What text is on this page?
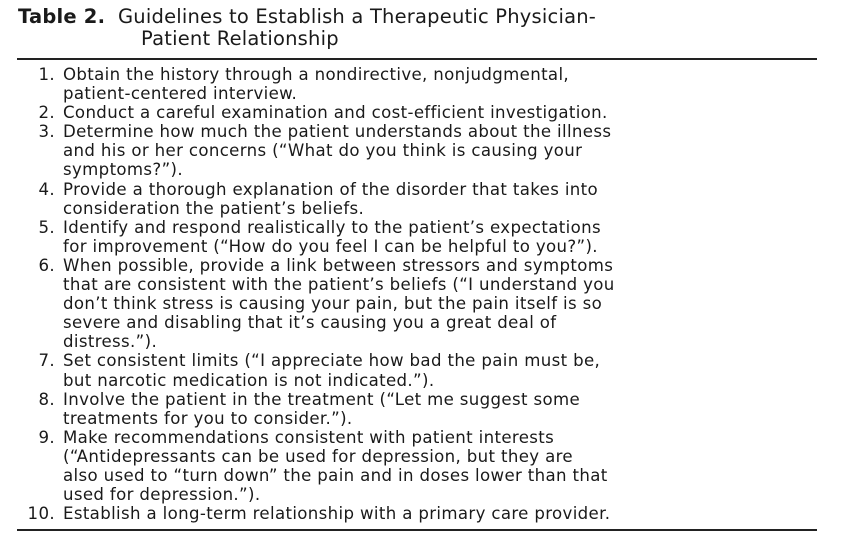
Table 2. Guidelines to Establish a Therapeutic Physician-
Patient Relationship
1. Obtain the history through a nondirective, nonjudgmental,
patient-centered interview.
2. Conduct a careful examination and cost-efficient investigation.
3. Determine how much the patient understands about the illness
and his or her concerns (“What do you think is causing your
symptoms?”).
4. Provide a thorough explanation of the disorder that takes into
consideration the patient’s beliefs.
5. Identify and respond realistically to the patient’s expectations
for improvement (“How do you feel I can be helpful to you?”).
6. When possible, provide a link between stressors and symptoms
that are consistent with the patient’s beliefs (“I understand you
don’t think stress is causing your pain, but the pain itself is so
severe and disabling that it’s causing you a great deal of
distress.”).
7. Set consistent limits (“I appreciate how bad the pain must be,
but narcotic medication is not indicated.”).
8. Involve the patient in the treatment (“Let me suggest some
treatments for you to consider.”).
9. Make recommendations consistent with patient interests
(“Antidepressants can be used for depression, but they are
also used to “turn down” the pain and in doses lower than that
used for depression.”).
10. Establish a long-term relationship with a primary care provider.
